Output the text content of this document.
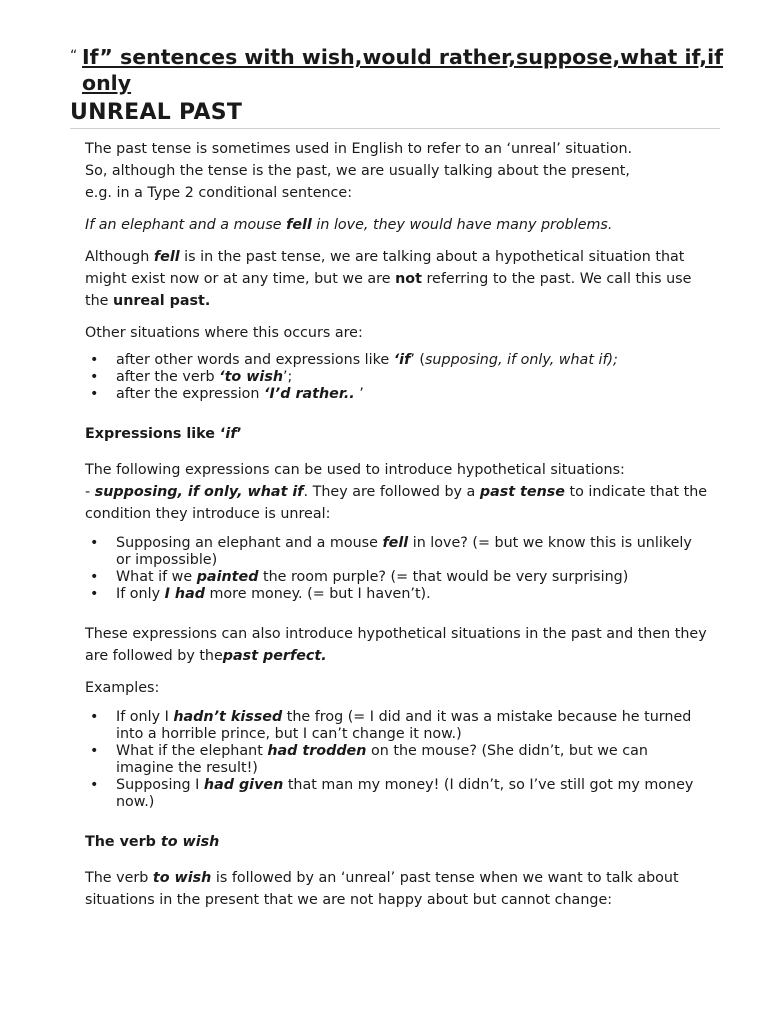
“ If” sentences with wish,would rather,suppose,what if,if only
UNREAL PAST
The past tense is sometimes used in English to refer to an ‘unreal’ situation.
So, although the tense is the past, we are usually talking about the present,
e.g. in a Type 2 conditional sentence:

If an elephant and a mouse fell in love, they would have many problems.

Although fell is in the past tense, we are talking about a hypothetical situation that might exist now or at any time, but we are not referring to the past. We call this use the unreal past.

Other situations where this occurs are:

• after other words and expressions like ‘if’ (supposing, if only, what if);
• after the verb ‘to wish’;
• after the expression ‘I’d rather.. ’

Expressions like ‘if’

The following expressions can be used to introduce hypothetical situations:
- supposing, if only, what if. They are followed by a past tense to indicate that the condition they introduce is unreal:

• Supposing an elephant and a mouse fell in love? (= but we know this is unlikely or impossible)
• What if we painted the room purple? (= that would be very surprising)
• If only I had more money. (= but I haven’t).

These expressions can also introduce hypothetical situations in the past and then they are followed by thepast perfect.

Examples:

• If only I hadn’t kissed the frog (= I did and it was a mistake because he turned into a horrible prince, but I can’t change it now.)
• What if the elephant had trodden on the mouse? (She didn’t, but we can imagine the result!)
• Supposing I had given that man my money! (I didn’t, so I’ve still got my money now.)

The verb to wish

The verb to wish is followed by an ‘unreal’ past tense when we want to talk about situations in the present that we are not happy about but cannot change:
